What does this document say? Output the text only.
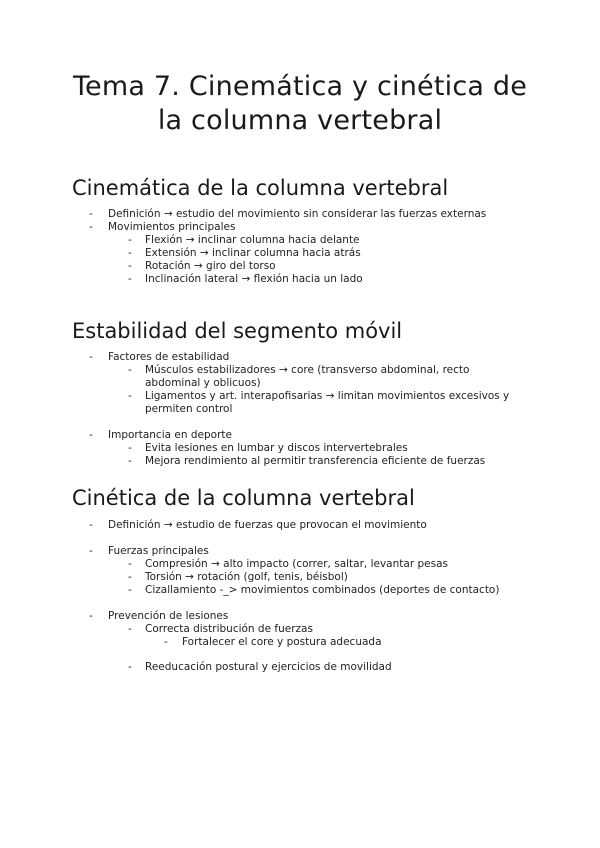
Tema 7. Cinemática y cinética de
la columna vertebral
Cinemática de la columna vertebral
- Definición → estudio del movimiento sin considerar las fuerzas externas
- Movimientos principales
- Flexión → inclinar columna hacia delante
- Extensión → inclinar columna hacia atrás
- Rotación → giro del torso
- Inclinación lateral → flexión hacia un lado
Estabilidad del segmento móvil
- Factores de estabilidad
- Músculos estabilizadores → core (transverso abdominal, recto
abdominal y oblicuos)
- Ligamentos y art. interapofisarias → limitan movimientos excesivos y
permiten control
- Importancia en deporte
- Evita lesiones en lumbar y discos intervertebrales
- Mejora rendimiento al permitir transferencia eficiente de fuerzas
Cinética de la columna vertebral
- Definición → estudio de fuerzas que provocan el movimiento
- Fuerzas principales
- Compresión → alto impacto (correr, saltar, levantar pesas
- Torsión → rotación (golf, tenis, béisbol)
- Cizallamiento -_> movimientos combinados (deportes de contacto)
- Prevención de lesiones
- Correcta distribución de fuerzas
- Fortalecer el core y postura adecuada
- Reeducación postural y ejercicios de movilidad
